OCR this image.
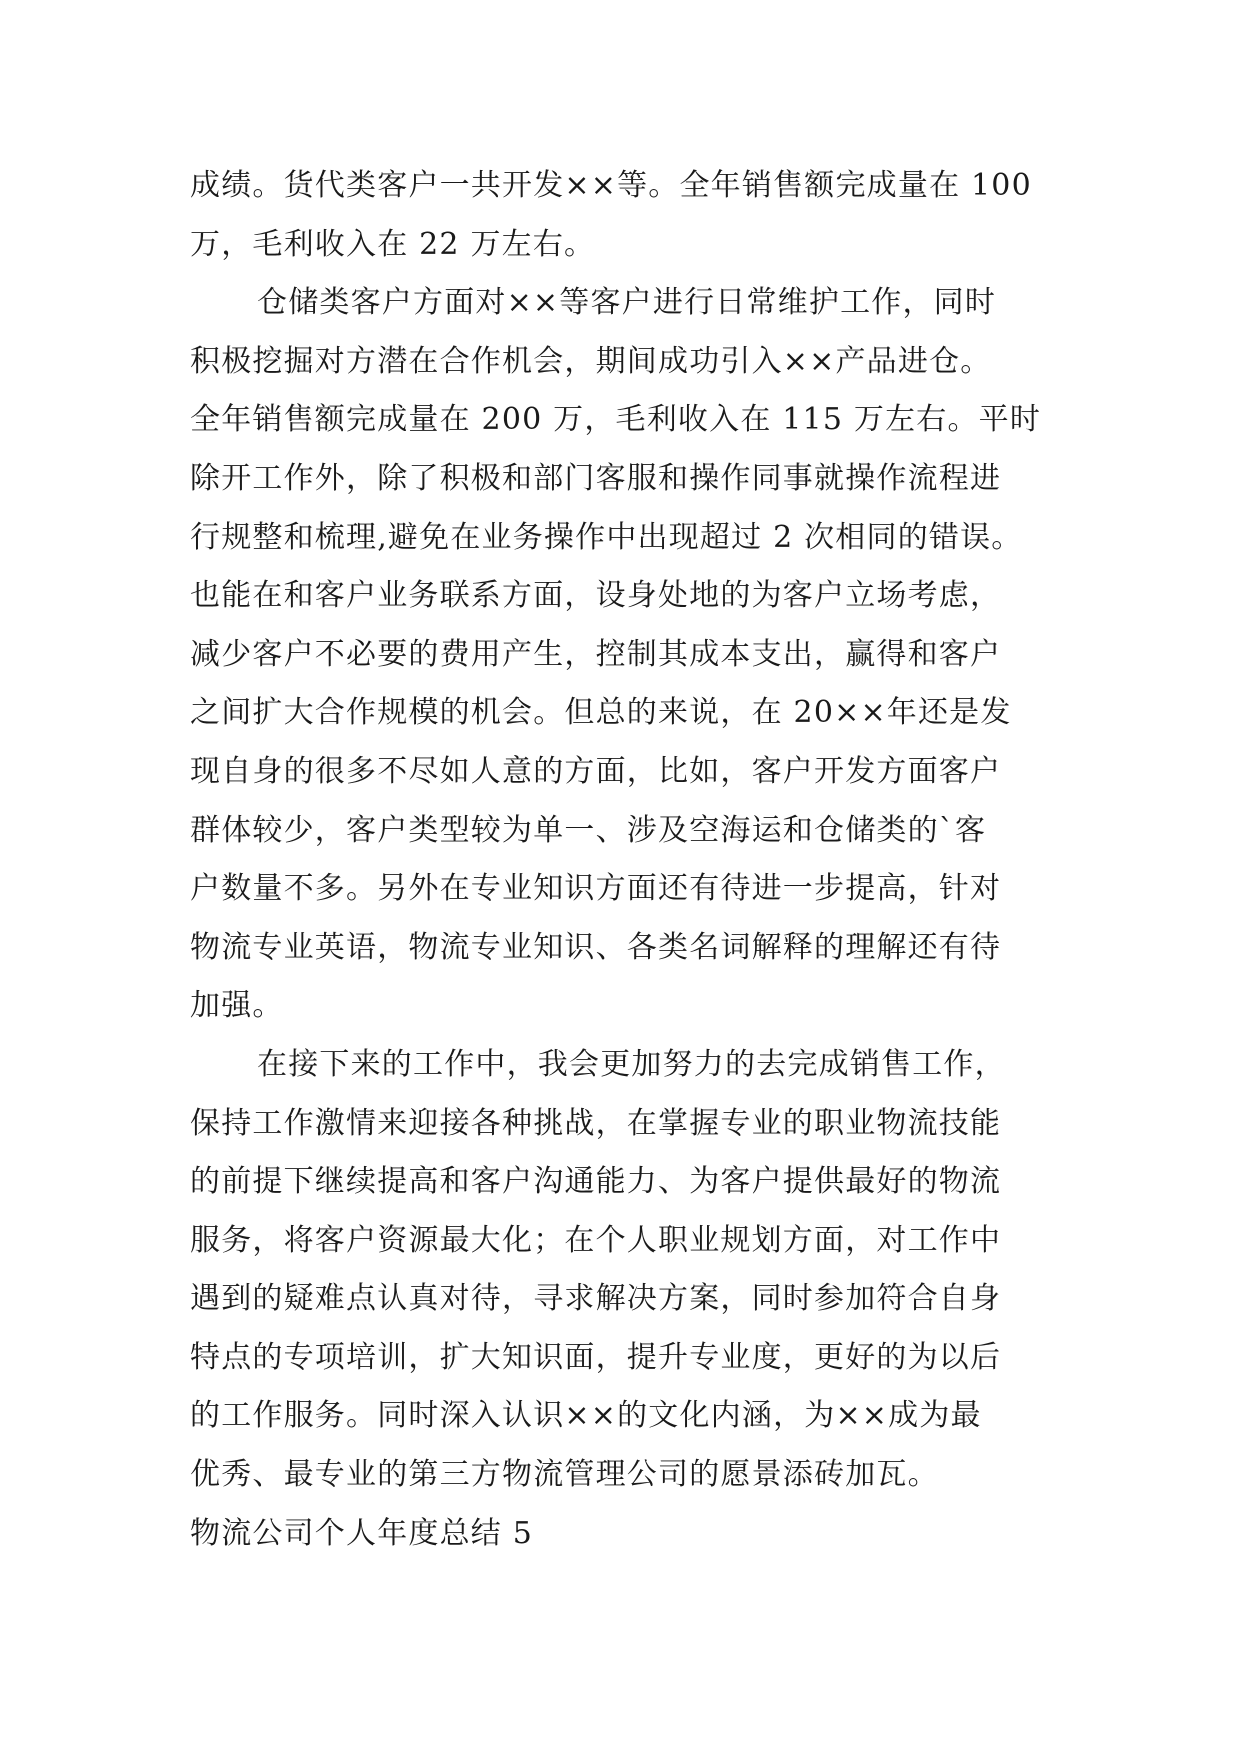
成绩。货代类客户一共开发××等。全年销售额完成量在 100
万，毛利收入在 22 万左右。
仓储类客户方面对××等客户进行日常维护工作，同时
积极挖掘对方潜在合作机会，期间成功引入××产品进仓。
全年销售额完成量在 200 万，毛利收入在 115 万左右。平时
除开工作外，除了积极和部门客服和操作同事就操作流程进
行规整和梳理,避免在业务操作中出现超过 2 次相同的错误。
也能在和客户业务联系方面，设身处地的为客户立场考虑，
减少客户不必要的费用产生，控制其成本支出，赢得和客户
之间扩大合作规模的机会。但总的来说，在 20××年还是发
现自身的很多不尽如人意的方面，比如，客户开发方面客户
群体较少，客户类型较为单一、涉及空海运和仓储类的`客
户数量不多。另外在专业知识方面还有待进一步提高，针对
物流专业英语，物流专业知识、各类名词解释的理解还有待
加强。
在接下来的工作中，我会更加努力的去完成销售工作，
保持工作激情来迎接各种挑战，在掌握专业的职业物流技能
的前提下继续提高和客户沟通能力、为客户提供最好的物流
服务，将客户资源最大化；在个人职业规划方面，对工作中
遇到的疑难点认真对待，寻求解决方案，同时参加符合自身
特点的专项培训，扩大知识面，提升专业度，更好的为以后
的工作服务。同时深入认识××的文化内涵，为××成为最
优秀、最专业的第三方物流管理公司的愿景添砖加瓦。
物流公司个人年度总结 5
